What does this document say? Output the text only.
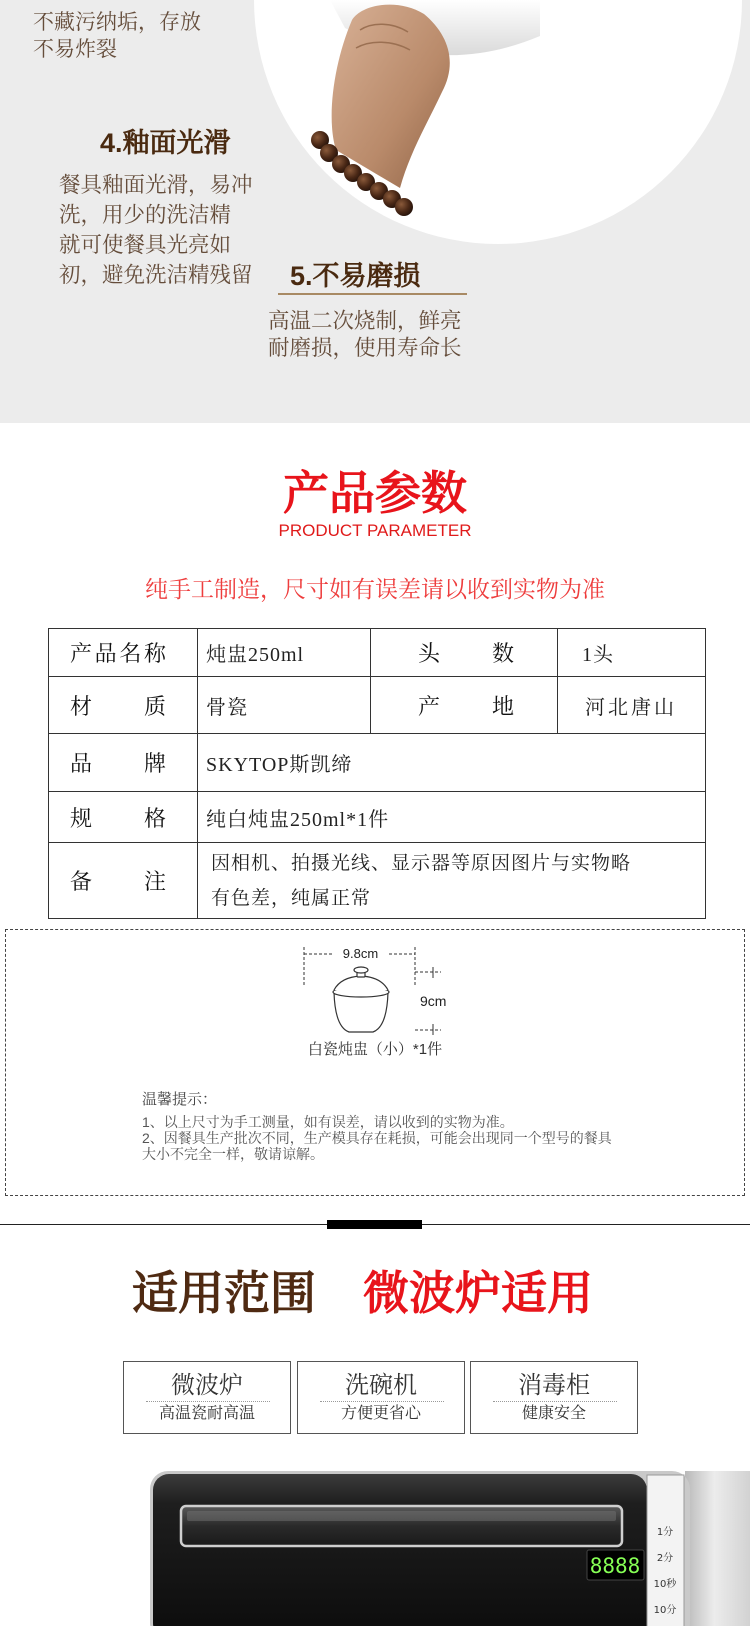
不藏污纳垢，存放
不易炸裂
4.釉面光滑
餐具釉面光滑，易冲
洗，用少的洗洁精
就可使餐具光亮如
初，避免洗洁精残留 5.不易磨损
高温二次烧制，鲜亮
耐磨损，使用寿命长
产品参数
PRODUCT PARAMETER
纯手工制造，尺寸如有误差请以收到实物为准
产品名称	炖盅250ml	头 数	1头
材 质	骨瓷	产 地	河北唐山
品 牌	SKYTOP斯凯缔		
规 格	纯白炖盅250ml*1件		
备 注	因相机、拍摄光线、显示器等原因图片与实物略
有色差，纯属正常		
9.8cm
9cm
白瓷炖盅（小）*1件
温馨提示：
1、以上尺寸为手工测量，如有误差，请以收到的实物为准。
2、因餐具生产批次不同，生产模具存在耗损，可能会出现同一个型号的餐具
大小不完全一样，敬请谅解。
适用范围 微波炉适用
微波炉
高温瓷耐高温
洗碗机
方便更省心
消毒柜
健康安全
8888
1分
2分
10秒
10分
